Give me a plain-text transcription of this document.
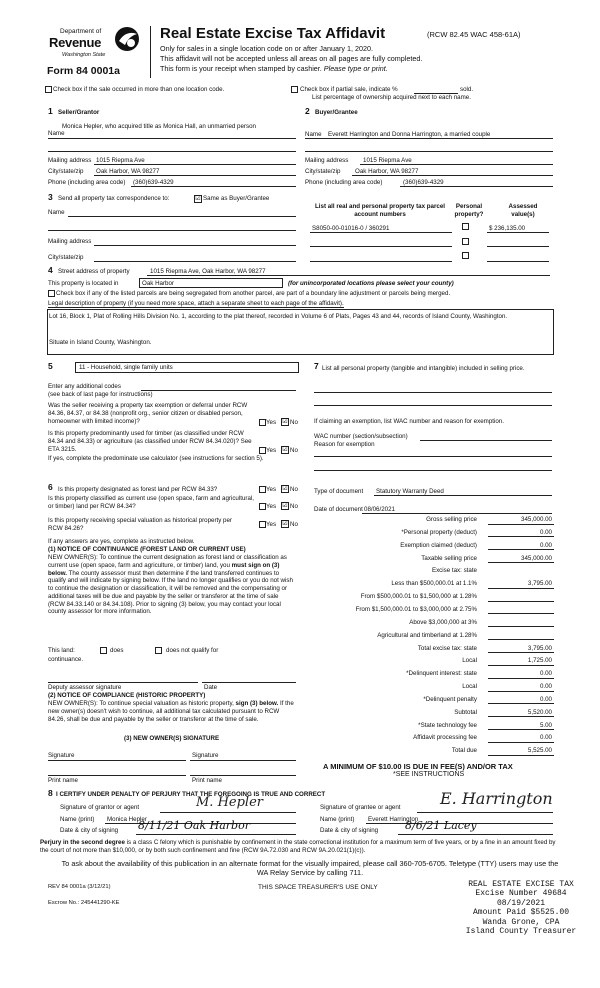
Department of
Revenue
Washington State
Form 84 0001a
Real Estate Excise Tax Affidavit	(RCW 82.45 WAC 458-61A)
Only for sales in a single location code on or after January 1, 2020.
This affidavit will not be accepted unless all areas on all pages are fully completed.
This form is your receipt when stamped by cashier. Please type or print.
Check box if the sale occurred in more than one location code.	Check box if partial sale, indicate %	sold.
List percentage of ownership acquired next to each name.
1 Seller/Grantor
Name
Monica Hepler, who acquired title as Monica Hall, an unmarried person
Mailing address 1015 Riepma Ave
City/state/zip Oak Harbor, WA 98277
Phone (including area code) (360)639-4329
2 Buyer/Grantee
Name Everett Harrington and Donna Harrington, a married couple
Mailing address 1015 Riepma Ave
City/state/zip Oak Harbor, WA 98277
Phone (including area code)	(360)639-4329
3 Send all property tax correspondence to:	☑ Same as Buyer/Grantee
Name
Mailing address
City/state/zip
List all real and personal property tax parcel account numbers
Personal property?
Assessed value(s)
S8050-00-01016-0 / 360291	$ 236,135.00
4 Street address of property	1015 Riepma Ave, Oak Harbor, WA 98277
This property is located in	Oak Harbor	(for unincorporated locations please select your county)
Check box if any of the listed parcels are being segregated from another parcel, are part of a boundary line adjustment or parcels being merged.
Legal description of property (if you need more space, attach a separate sheet to each page of the affidavit).
Lot 16, Block 1, Plat of Rolling Hills Division No. 1, according to the plat thereof, recorded in Volume 6 of Plats, Pages 43 and 44, records of Island County, Washington.
Situate in Island County, Washington.
5	11 - Household, single family units
Enter any additional codes
(see back of last page for instructions)
Was the seller receiving a property tax exemption or deferral under RCW 84.36, 84.37, or 84.38 (nonprofit org., senior citizen or disabled person, homeowner with limited income)?	Yes ☑ No
Is this property predominantly used for timber (as classified under RCW 84.34 and 84.33) or agriculture (as classified under RCW 84.34.020)? See ETA 3215.	Yes ☑ No
If yes, complete the predominate use calculator (see instructions for section 5).
6 Is this property designated as forest land per RCW 84.33?	Yes ☑ No
Is this property classified as current use (open space, farm and agricultural, or timber) land per RCW 84.34?	Yes ☑ No
Is this property receiving special valuation as historical property per RCW 84.26?
Yes ☑ No
If any answers are yes, complete as instructed below.
(1) NOTICE OF CONTINUANCE (FOREST LAND OR CURRENT USE)
NEW OWNER(S): To continue the current designation as forest land or classification as current use (open space, farm and agriculture, or timber) land, you must sign on (3) below. The county assessor must then determine if the land transferred continues to qualify and will indicate by signing below. If the land no longer qualifies or you do not wish to continue the designation or classification, it will be removed and the compensating or additional taxes will be due and payable by the seller or transferor at the time of sale (RCW 84.33.140 or 84.34.108). Prior to signing (3) below, you may contact your local county assessor for more information.
This land:	does	does not qualify for
continuance.
Deputy assessor signature	Date
(2) NOTICE OF COMPLIANCE (HISTORIC PROPERTY)
NEW OWNER(S): To continue special valuation as historic property, sign (3) below. If the new owner(s) doesn't wish to continue, all additional tax calculated pursuant to RCW 84.26, shall be due and payable by the seller or transferor at the time of sale.
(3) NEW OWNER(S) SIGNATURE
Signature	Signature
Print name	Print name
7 List all personal property (tangible and intangible) included in selling price.
If claiming an exemption, list WAC number and reason for exemption.
WAC number (section/subsection)
Reason for exemption
Type of document Statutory Warranty Deed
Date of document 08/06/2021
A MINIMUM OF $10.00 IS DUE IN FEE(S) AND/OR TAX
*SEE INSTRUCTIONS
8 I CERTIFY UNDER PENALTY OF PERJURY THAT THE FOREGOING IS TRUE AND CORRECT
Signature of grantor or agent	M. Hepler
Name (print) Monica Hepler
Date & city of signing 8/11/21 Oak Harbor
Signature of grantee or agent E. Harrington
Name (print) Everett Harrington
Date & city of signing 8/6/21 Lacey
Perjury in the second degree is a class C felony which is punishable by confinement in the state correctional institution for a maximum term of five years, or by a fine in an amount fixed by the court of not more than $10,000, or by both such confinement and fine (RCW 9A.72.030 and RCW 9A.20.021(1)(c)).
To ask about the availability of this publication in an alternate format for the visually impaired, please call 360-705-6705. Teletype (TTY) users may use the WA Relay Service by calling 711.
REV 84 0001a (3/12/21)	THIS SPACE TREASURER'S USE ONLY
Escrow No.: 245441290-KE
REAL ESTATE EXCISE TAX
Excise Number 49684
08/19/2021
Amount Paid $5525.00
Wanda Grone, CPA
Island County Treasurer
Gross selling price	345,000.00
*Personal property (deduct)	0.00
Exemption claimed (deduct)	0.00
Taxable selling price	345,000.00
Excise tax: state
Less than $500,000.01 at 1.1%	3,795.00
From $500,000.01 to $1,500,000 at 1.28%
From $1,500,000.01 to $3,000,000 at 2.75%
Above $3,000,000 at 3%
Agricultural and timberland at 1.28%
Total excise tax: state	3,795.00
Local	1,725.00
*Delinquent interest: state	0.00
Local	0.00
*Delinquent penalty	0.00
Subtotal	5,520.00
*State technology fee	5.00
Affidavit processing fee	0.00
Total due	5,525.00
